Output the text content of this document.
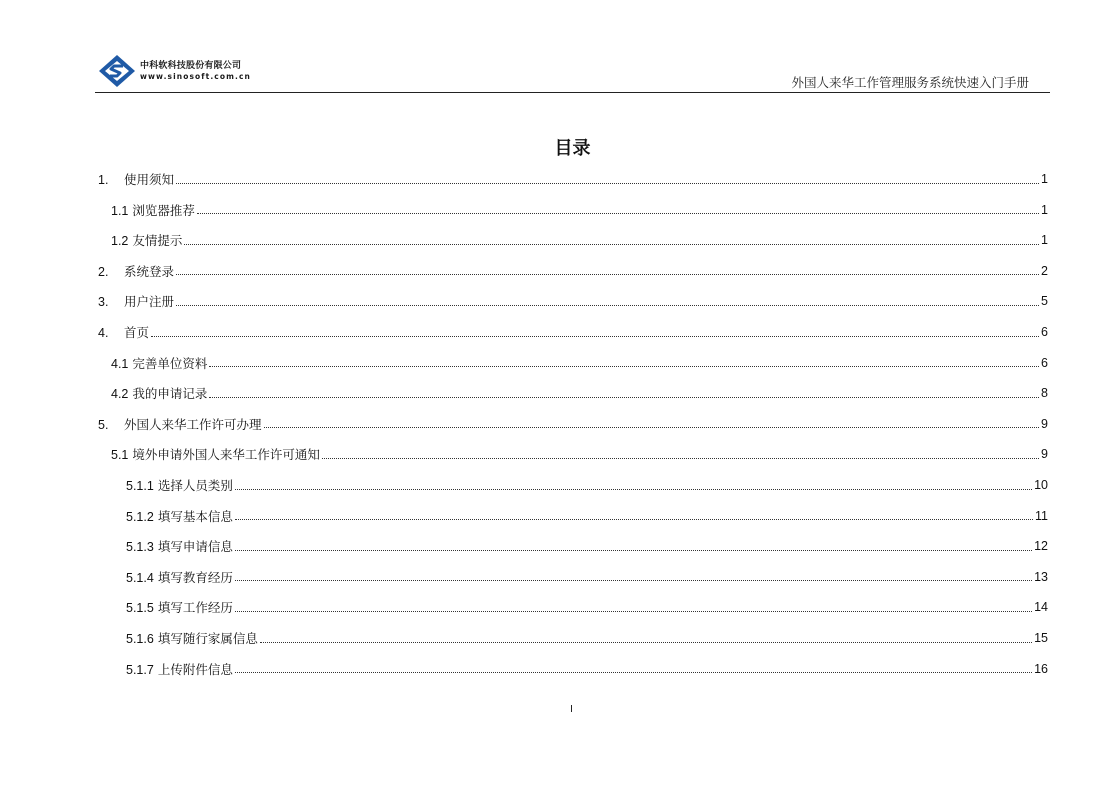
中科软科技股份有限公司
www.sinosoft.com.cn	外国人来华工作管理服务系统快速入门手册
目录
1. 使用须知	1
1.1 浏览器推荐	1
1.2 友情提示	1
2. 系统登录	2
3. 用户注册	5
4. 首页	6
4.1 完善单位资料	6
4.2 我的申请记录	8
5. 外国人来华工作许可办理	9
5.1 境外申请外国人来华工作许可通知	9
5.1.1 选择人员类别	10
5.1.2 填写基本信息	11
5.1.3 填写申请信息	12
5.1.4 填写教育经历	13
5.1.5 填写工作经历	14
5.1.6 填写随行家属信息	15
5.1.7 上传附件信息	16
I
